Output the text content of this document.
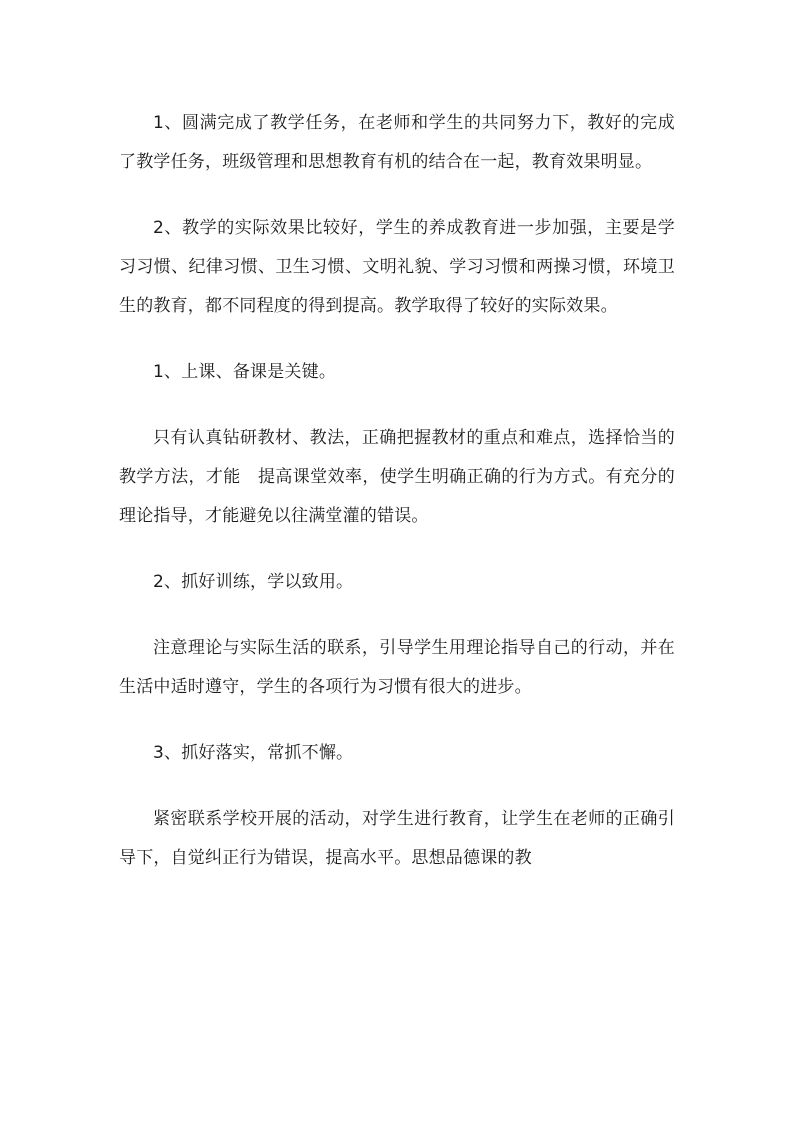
1、圆满完成了教学任务，在老师和学生的共同努力下，教好的完成了教学任务，班级管理和思想教育有机的结合在一起，教育效果明显。

2、教学的实际效果比较好，学生的养成教育进一步加强，主要是学习习惯、纪律习惯、卫生习惯、文明礼貌、学习习惯和两操习惯，环境卫生的教育，都不同程度的得到提高。教学取得了较好的实际效果。

1、上课、备课是关键。

只有认真钻研教材、教法，正确把握教材的重点和难点，选择恰当的教学方法，才能　提高课堂效率，使学生明确正确的行为方式。有充分的理论指导，才能避免以往满堂灌的错误。

2、抓好训练，学以致用。

注意理论与实际生活的联系，引导学生用理论指导自己的行动，并在生活中适时遵守，学生的各项行为习惯有很大的进步。

3、抓好落实，常抓不懈。

紧密联系学校开展的活动，对学生进行教育，让学生在老师的正确引导下，自觉纠正行为错误，提高水平。思想品德课的教
